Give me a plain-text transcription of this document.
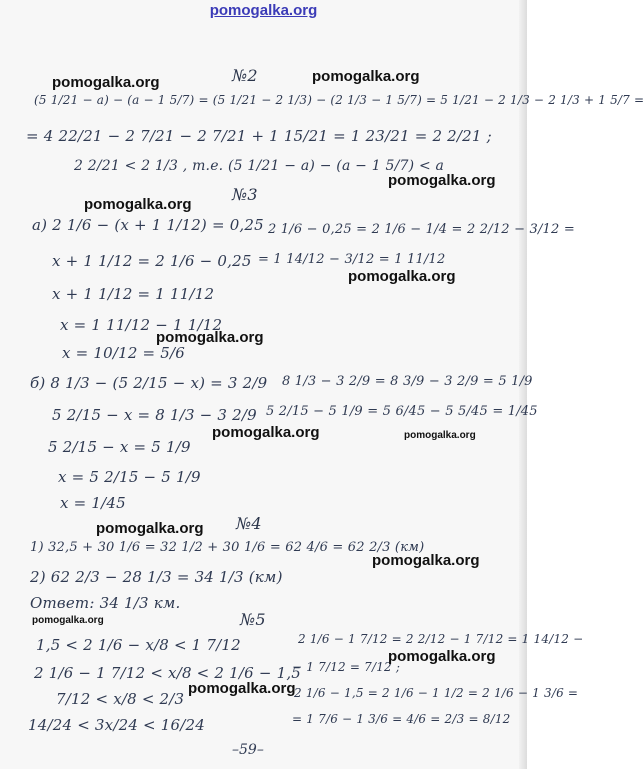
pomogalka.org
№2
(5 1/21 − a) − (a − 1 5/7) = (5 1/21 − 2 1/3) − (2 1/3 − 1 5/7) = 5 1/21 − 2 1/3 − 2 1/3 + 1 5/7 =
= 4 22/21 − 2 7/21 − 2 7/21 + 1 15/21 = 1 23/21 = 2 2/21 ;
2 2/21 < 2 1/3 , т.е. (5 1/21 − a) − (a − 1 5/7) < a
№3
а) 2 1/6 − (x + 1 1/12) = 0,25
x + 1 1/12 = 2 1/6 − 0,25
x + 1 1/12 = 1 11/12
x = 1 11/12 − 1 1/12
x = 10/12 = 5/6
2 1/6 − 0,25 = 2 1/6 − 1/4 = 2 2/12 − 3/12 =
= 1 14/12 − 3/12 = 1 11/12
б) 8 1/3 − (5 2/15 − x) = 3 2/9
5 2/15 − x = 8 1/3 − 3 2/9
5 2/15 − x = 5 1/9
x = 5 2/15 − 5 1/9
x = 1/45
8 1/3 − 3 2/9 = 8 3/9 − 3 2/9 = 5 1/9
5 2/15 − 5 1/9 = 5 6/45 − 5 5/45 = 1/45
№4
1) 32,5 + 30 1/6 = 32 1/2 + 30 1/6 = 62 4/6 = 62 2/3 (км)
2) 62 2/3 − 28 1/3 = 34 1/3 (км)
Ответ: 34 1/3 км.
№5
1,5 < 2 1/6 − x/8 < 1 7/12
2 1/6 − 1 7/12 < x/8 < 2 1/6 − 1,5
7/12 < x/8 < 2/3
14/24 < 3x/24 < 16/24
2 1/6 − 1 7/12 = 2 2/12 − 1 7/12 = 1 14/12 −
− 1 7/12 = 7/12 ;
2 1/6 − 1,5 = 2 1/6 − 1 1/2 = 2 1/6 − 1 3/6 =
= 1 7/6 − 1 3/6 = 4/6 = 2/3 = 8/12
pomogalka.org	pomogalka.org
pomogalka.org
pomogalka.org
pomogalka.org
pomogalka.org
pomogalka.org	pomogalka.org
pomogalka.org
pomogalka.org
pomogalka.org
pomogalka.org
pomogalka.org
–59–
